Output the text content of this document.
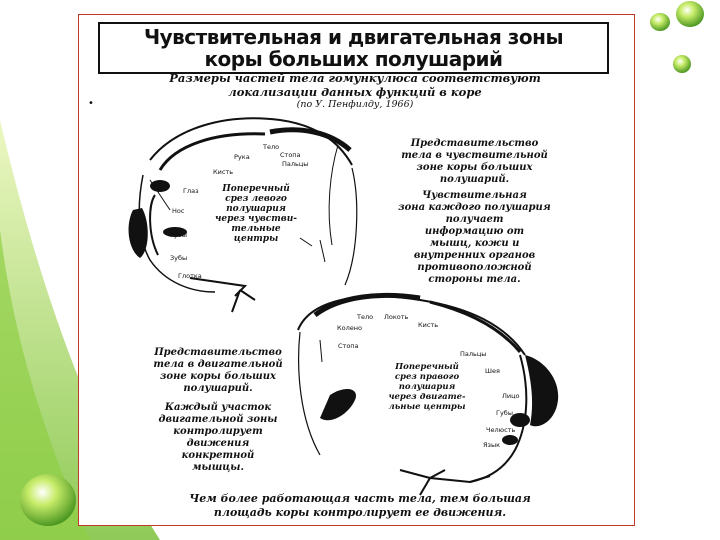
Чувствительная и двигательная зоны
коры больших полушарий
Размеры частей тела гомункулюса соответствуют
локализации данных функций в коре
(по У. Пенфилду, 1966)
•
Тело
Стопа
Рука
Пальцы
Кисть
Глаз
Нос
Губы
Зубы
Глотка
Поперечный
срез левого
полушария
через чувстви-
тельные
центры
Представительство
тела в чувствительной
зоне коры больших
полушарий.
Чувствительная
зона каждого полушария
получает
информацию от
мышц, кожи и
внутренних органов
противоположной
стороны тела.
Тело Локоть
Колено	Кисть
Стопа
Пальцы
Шея
Лицо
Губы
Челюсть
Язык
Поперечный
срез правого
полушария
через двигате-
льные центры
Представительство
тела в двигательной
зоне коры больших
полушарий.
Каждый участок
двигательной зоны
контролирует
движения
конкретной
мышцы.
Чем более работающая часть тела, тем большая
площадь коры контролирует ее движения.
